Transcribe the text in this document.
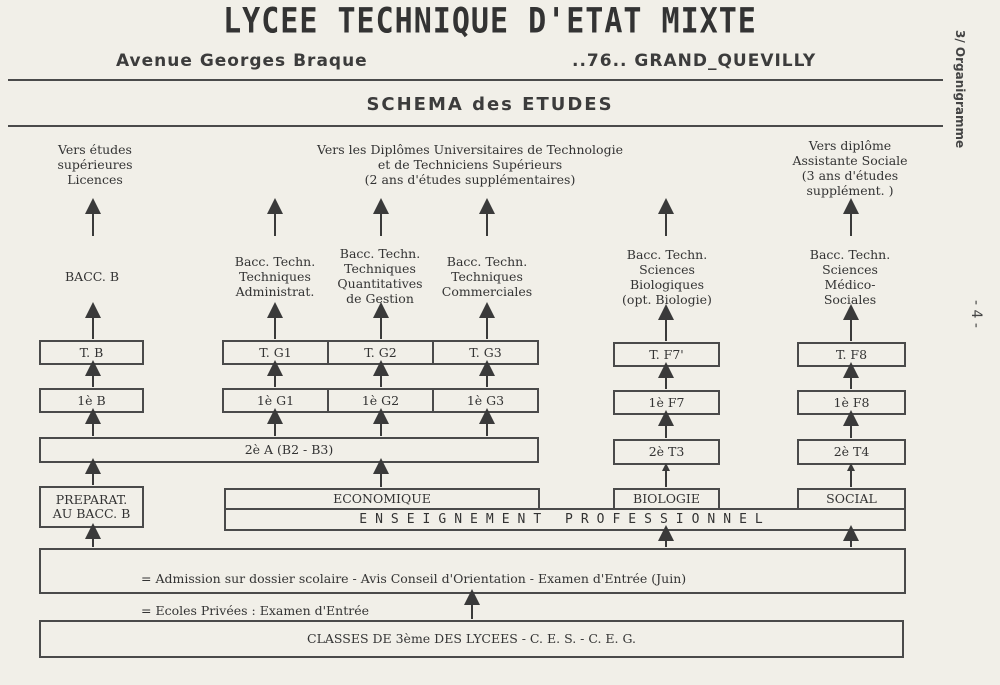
LYCEE TECHNIQUE D'ETAT MIXTE
Avenue Georges Braque	..76.. GRAND_QUEVILLY
SCHEMA des ETUDES	3/ Organigramme
- 4 -
Vers études
supérieures
Licences
Vers les Diplômes Universitaires de Technologie
et de Techniciens Supérieurs
(2 ans d'études supplémentaires)
Vers diplôme
Assistante Sociale
(3 ans d'études
supplément. )
BACC. B
Bacc. Techn.
Techniques
Administrat.
Bacc. Techn.
Techniques
Quantitatives
de Gestion
Bacc. Techn.
Techniques
Commerciales
Bacc. Techn.
Sciences
Biologiques
(opt. Biologie)
Bacc. Techn.
Sciences
Médico-
Sociales
T. B	T. G1	T. G2	T. G3	T. F7'	T. F8
1è B	1è G1	1è G2	1è G3	1è F7	1è F8
2è A (B2 - B3)	2è T3	2è T4
PREPARAT.
AU BACC. B
ECONOMIQUE	BIOLOGIE	SOCIAL
ENSEIGNEMENT PROFESSIONNEL

= Admission sur dossier scolaire - Avis Conseil d'Orientation - Examen d'Entrée (Juin)

= Ecoles Privées : Examen d'Entrée

CLASSES DE 3ème DES LYCEES - C. E. S. - C. E. G.
